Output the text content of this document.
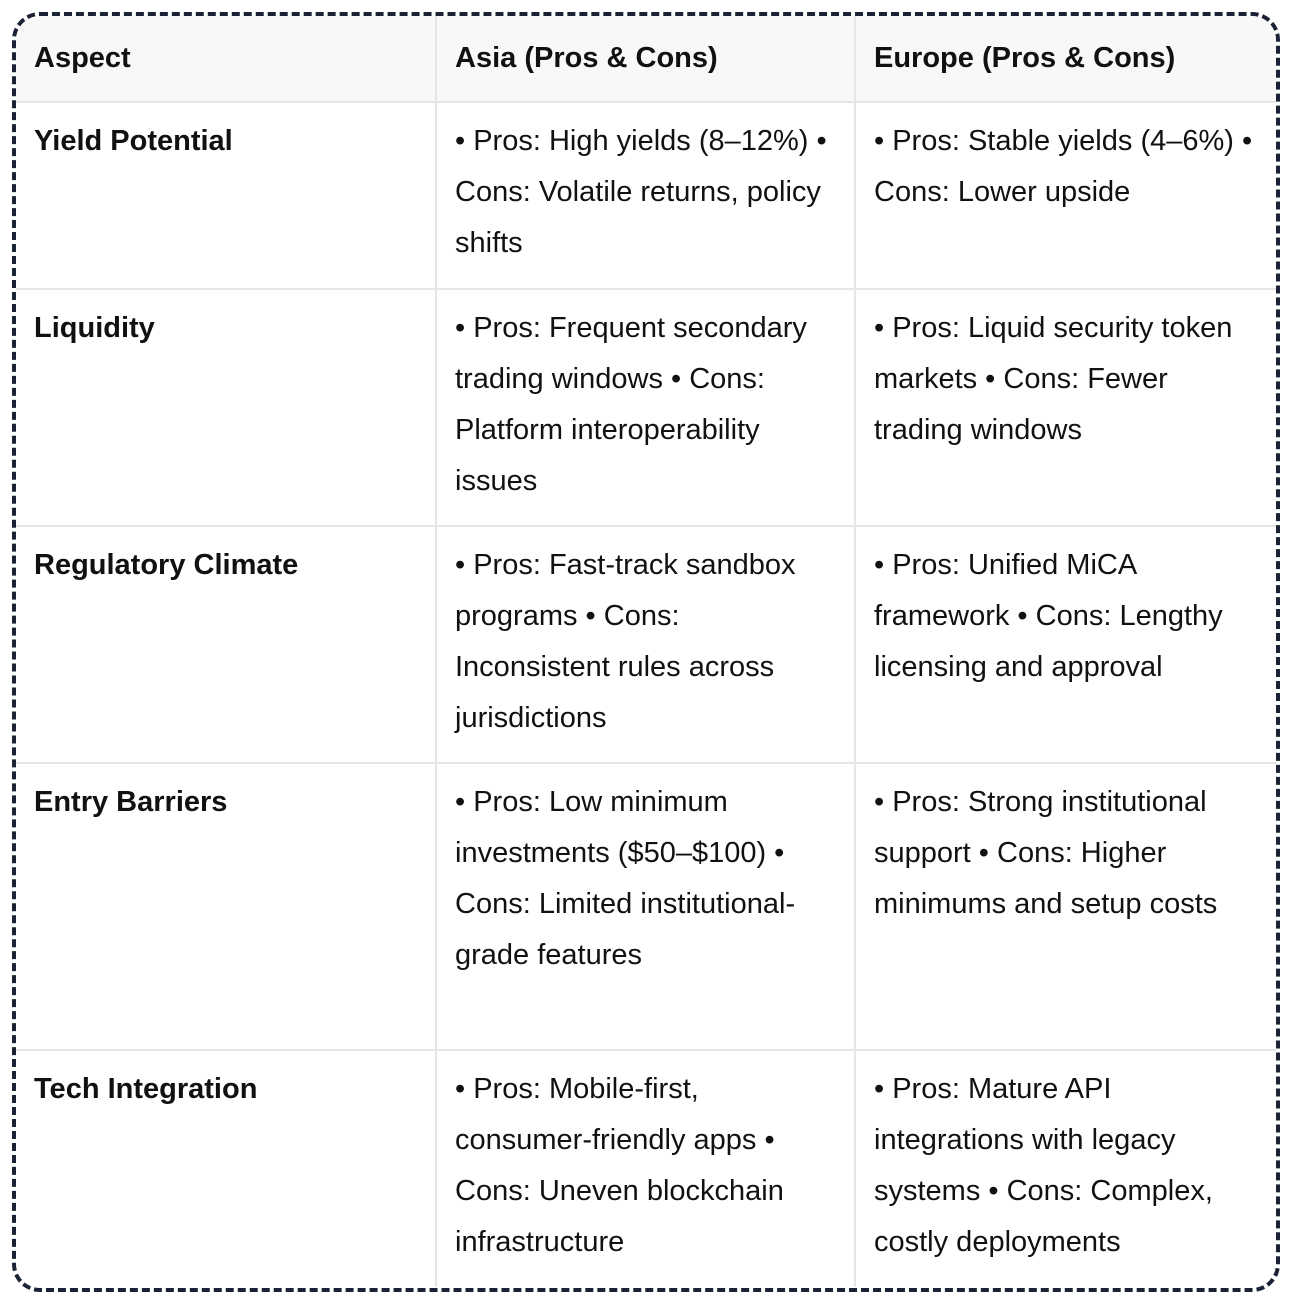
Aspect	Asia (Pros & Cons)	Europe (Pros & Cons)
Yield Potential	• Pros: High yields (8–12%) • Cons: Volatile returns, policy shifts	• Pros: Stable yields (4–6%) • Cons: Lower upside
Liquidity	• Pros: Frequent secondary trading windows • Cons: Platform interoperability issues	• Pros: Liquid security token markets • Cons: Fewer trading windows
Regulatory Climate	• Pros: Fast-track sandbox programs • Cons: Inconsistent rules across jurisdictions	• Pros: Unified MiCA framework • Cons: Lengthy licensing and approval
Entry Barriers	• Pros: Low minimum investments ($50–$100) • Cons: Limited institutional-grade features	• Pros: Strong institutional support • Cons: Higher minimums and setup costs
Tech Integration	• Pros: Mobile-first, consumer-friendly apps • Cons: Uneven blockchain infrastructure	• Pros: Mature API integrations with legacy systems • Cons: Complex, costly deployments
